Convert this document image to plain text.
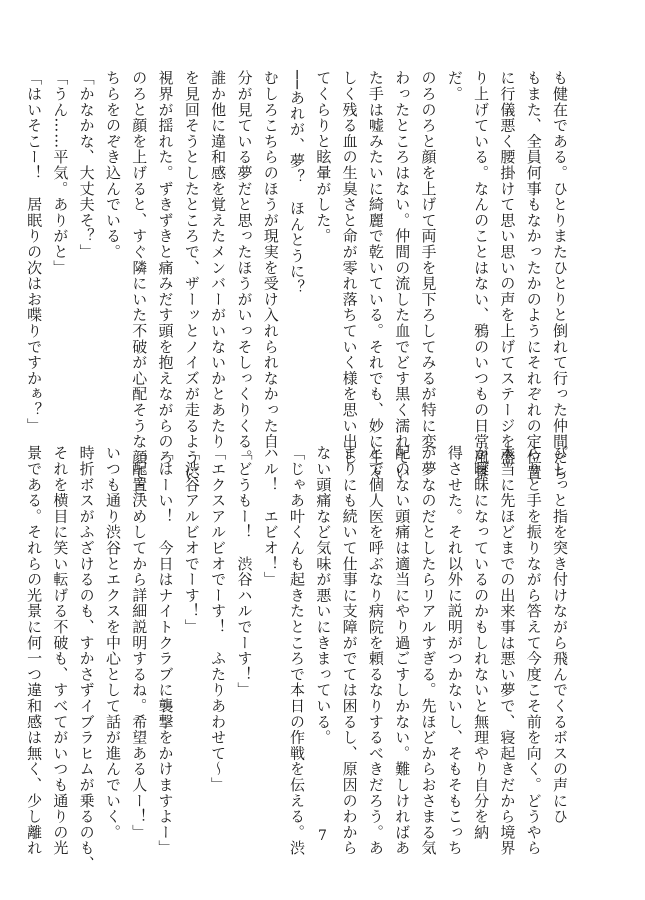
も健在である。ひとりまたひとりと倒れて行った仲間たち

もまた、全員何事もなかったかのようにそれぞれの定位置

に行儀悪く腰掛けて思い思いの声を上げてステージを盛

り上げている。なんのことはない、鴉のいつもの日常風景

だ。

のろのろと顔を上げて両手を見下ろしてみるが特に変

わったところはない。仲間の流した血でどす黒く濡れてい

た手は嘘みたいに綺麗で乾いている。それでも、妙に生々

しく残る血の生臭さと命が零れ落ちていく様を思い出し

てくらりと眩暈がした。

──あれが、夢？　ほんとうに？

むしろこちらのほうが現実を受け入れられなかった自

分が見ている夢だと思ったほうがいっそしっくりくる。

誰か他に違和感を覚えたメンバーがいないかとあたり

を見回そうとしたところで、ザーッとノイズが走るように

視界が揺れた。ずきずきと痛みだす頭を抱えながらのろ

のろと顔を上げると、すぐ隣にいた不破が心配そうな顔でこ

ちらをのぞき込んでいる。

「かなかな、大丈夫そ？」

「うん……平気。ありがと」

「はいそこー！　居眠りの次はお喋りですかぁ？」

ぴしっと指を突き付けながら飛んでくるボスの声にひ

らりと手を振りながら答えて今度こそ前を向く。どうやら

本当に先ほどまでの出来事は悪い夢で、寝起きだから境界

が曖昧になっているのかもしれないと無理やり自分を納

得させた。それ以外に説明がつかないし、そもそもこっち

が夢なのだとしたらリアルすぎる。先ほどからおさまる気

配のない頭痛は適当にやり過ごすしかない。難しければあ

とで個人医を呼ぶなり病院を頼るなりするべきだろう。あ

まりにも続いて仕事に支障がでては困るし、原因のわから

ない頭痛など気味が悪いにきまっている。

「じゃあ叶くんも起きたところで本日の作戦を伝える。渋

ハル！　エビオ！」

「どうもー！　渋谷ハルでーす！」

「エクスアルビオでーす！　ふたりあわせて〜」

「渋谷アルビオでーす！」

「はーい！　今日はナイトクラブに襲撃をかけますよー」

「配置決めしてから詳細説明するね。希望ある人ー！」

いつも通り渋谷とエクスを中心として話が進んでいく。

時折ボスがふざけるのも、すかさずイブラヒムが乗るのも、

それを横目に笑い転げる不破も、すべてがいつも通りの光

景である。それらの光景に何一つ違和感は無く、少し離れ	7
